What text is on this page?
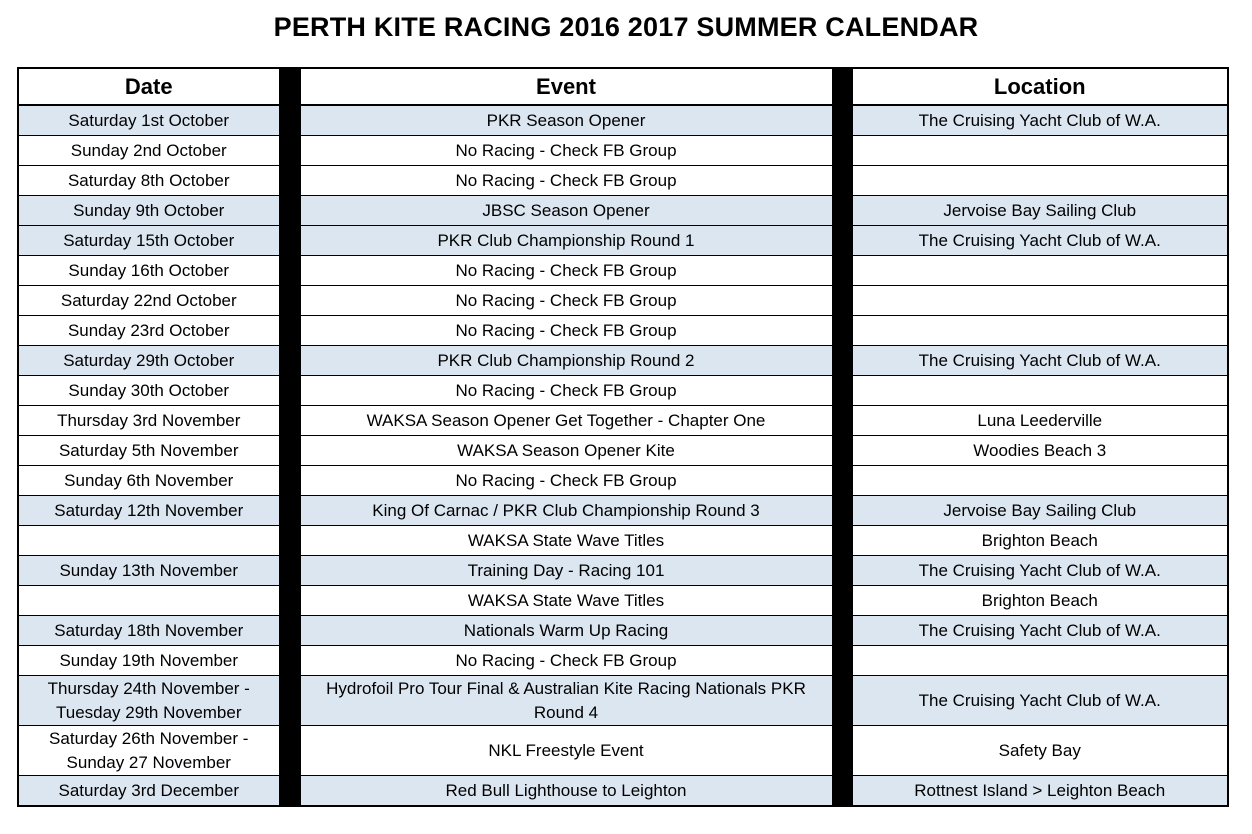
PERTH KITE RACING 2016 2017 SUMMER CALENDAR
Date		Event		Location
Saturday 1st October		PKR Season Opener		The Cruising Yacht Club of W.A.
Sunday 2nd October		No Racing - Check FB Group		
Saturday 8th October		No Racing - Check FB Group		
Sunday 9th October		JBSC Season Opener		Jervoise Bay Sailing Club
Saturday 15th October		PKR Club Championship Round 1		The Cruising Yacht Club of W.A.
Sunday 16th October		No Racing - Check FB Group		
Saturday 22nd October		No Racing - Check FB Group		
Sunday 23rd October		No Racing - Check FB Group		
Saturday 29th October		PKR Club Championship Round 2		The Cruising Yacht Club of W.A.
Sunday 30th October		No Racing - Check FB Group		
Thursday 3rd November		WAKSA Season Opener Get Together - Chapter One		Luna Leederville
Saturday 5th November		WAKSA Season Opener Kite		Woodies Beach 3
Sunday 6th November		No Racing - Check FB Group		
Saturday 12th November		King Of Carnac / PKR Club Championship Round 3		Jervoise Bay Sailing Club
		WAKSA State Wave Titles		Brighton Beach
Sunday 13th November		Training Day - Racing 101		The Cruising Yacht Club of W.A.
		WAKSA State Wave Titles		Brighton Beach
Saturday 18th November		Nationals Warm Up Racing		The Cruising Yacht Club of W.A.
Sunday 19th November		No Racing - Check FB Group		
Thursday 24th November - Tuesday 29th November		Hydrofoil Pro Tour Final & Australian Kite Racing Nationals PKR Round 4		The Cruising Yacht Club of W.A.
Saturday 26th November - Sunday 27 November		NKL Freestyle Event		Safety Bay
Saturday 3rd December		Red Bull Lighthouse to Leighton		Rottnest Island > Leighton Beach
